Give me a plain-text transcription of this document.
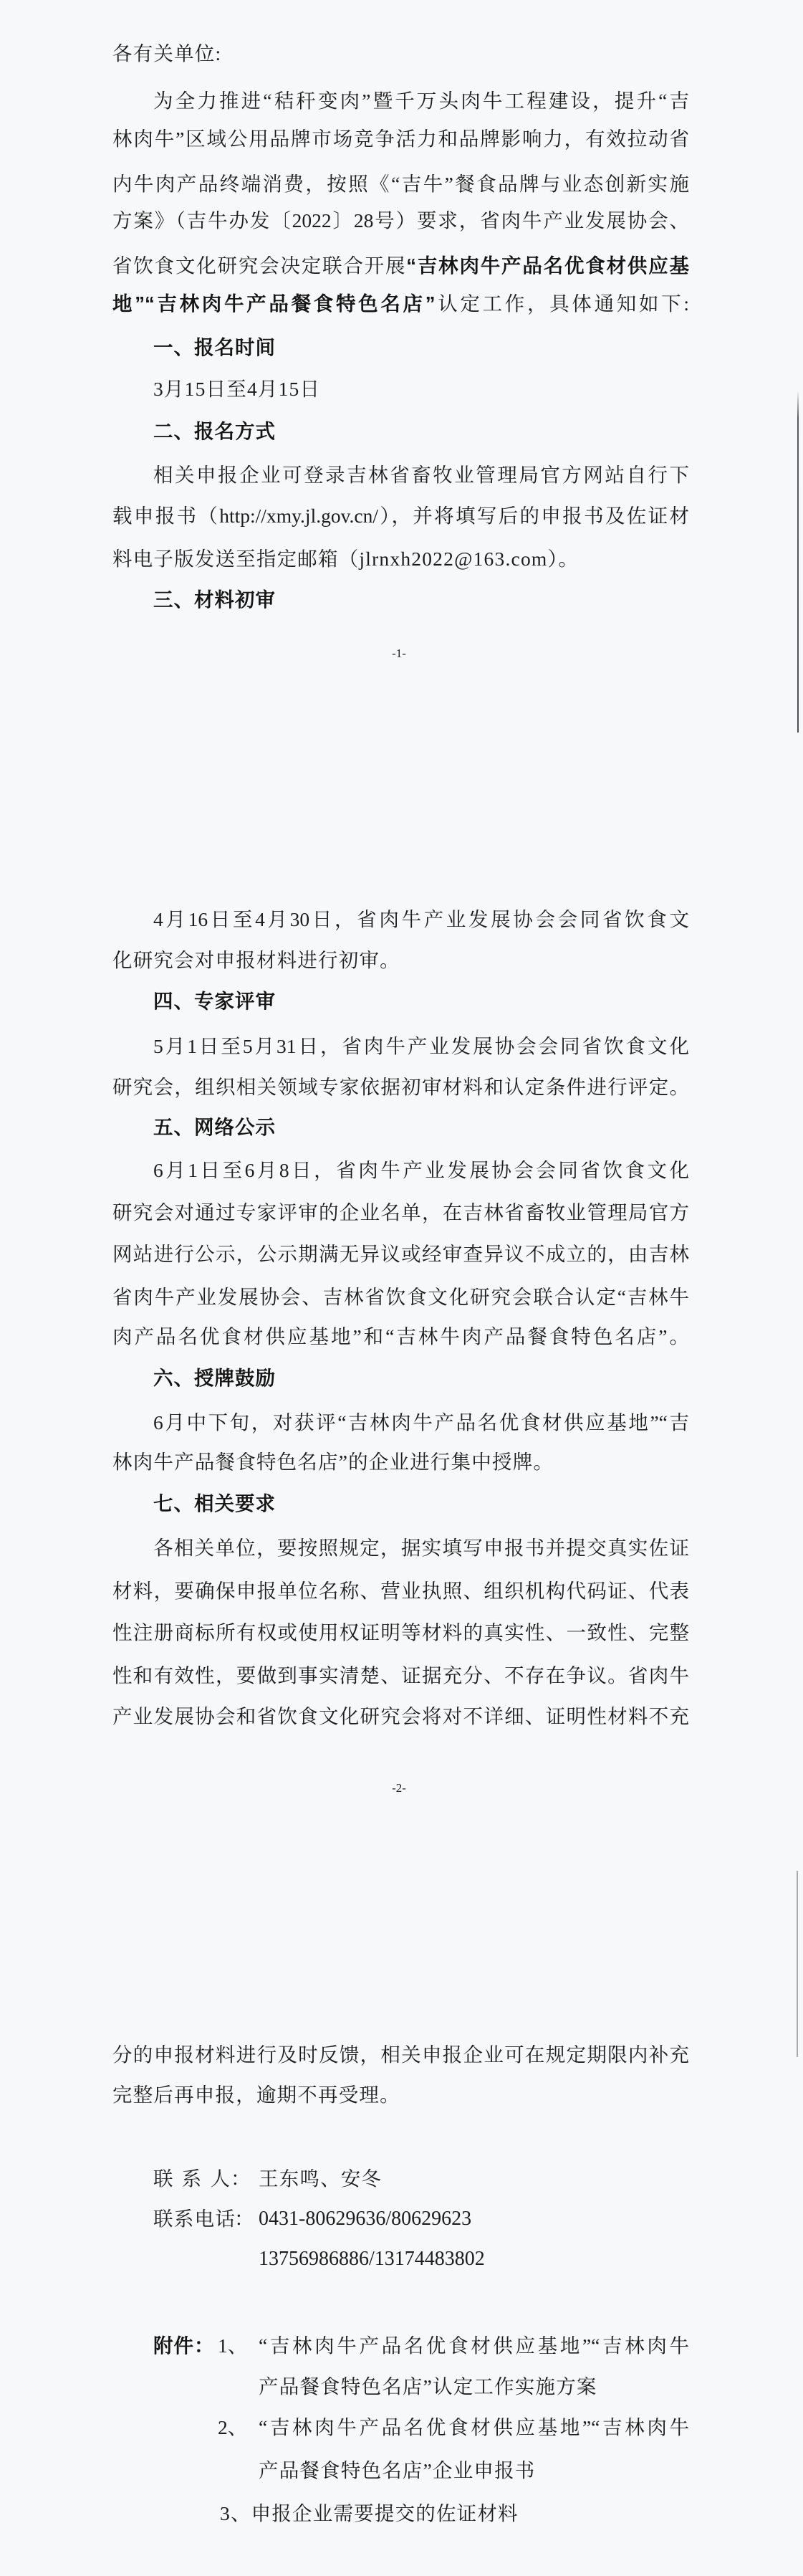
各有关单位:
为全力推进“秸秆变肉”暨千万头肉牛工程建设，提升“吉
林肉牛”区域公用品牌市场竞争活力和品牌影响力，有效拉动省
内牛肉产品终端消费，按照《“吉牛”餐食品牌与业态创新实施
方案》（吉牛办发〔2022〕28号）要求，省肉牛产业发展协会、
省饮食文化研究会决定联合开展“吉林肉牛产品名优食材供应基
地”“吉林肉牛产品餐食特色名店”认定工作，具体通知如下:
一、报名时间
3月15日至4月15日
二、报名方式
相关申报企业可登录吉林省畜牧业管理局官方网站自行下
载申报书（http://xmy.jl.gov.cn/），并将填写后的申报书及佐证材
料电子版发送至指定邮箱（jlrnxh2022@163.com）。
三、材料初审
-1-
4月16日至4月30日，省肉牛产业发展协会会同省饮食文
化研究会对申报材料进行初审。
四、专家评审
5月1日至5月31日，省肉牛产业发展协会会同省饮食文化
研究会，组织相关领域专家依据初审材料和认定条件进行评定。
五、网络公示
6月1日至6月8日，省肉牛产业发展协会会同省饮食文化
研究会对通过专家评审的企业名单，在吉林省畜牧业管理局官方
网站进行公示，公示期满无异议或经审查异议不成立的，由吉林
省肉牛产业发展协会、吉林省饮食文化研究会联合认定“吉林牛
肉产品名优食材供应基地”和“吉林牛肉产品餐食特色名店”。
六、授牌鼓励
6月中下旬，对获评“吉林肉牛产品名优食材供应基地”“吉
林肉牛产品餐食特色名店”的企业进行集中授牌。
七、相关要求
各相关单位，要按照规定，据实填写申报书并提交真实佐证
材料，要确保申报单位名称、营业执照、组织机构代码证、代表
性注册商标所有权或使用权证明等材料的真实性、一致性、完整
性和有效性，要做到事实清楚、证据充分、不存在争议。省肉牛
产业发展协会和省饮食文化研究会将对不详细、证明性材料不充
-2-
分的申报材料进行及时反馈，相关申报企业可在规定期限内补充
完整后再申报，逾期不再受理。
联系人 ： 王东鸣、安冬
联系电话 ： 0431-80629636/80629623
13756986886/13174483802
附件： 1、 “吉林肉牛产品名优食材供应基地”“吉林肉牛
产品餐食特色名店”认定工作实施方案
2、 “吉林肉牛产品名优食材供应基地”“吉林肉牛
产品餐食特色名店”企业申报书
3、申报企业需要提交的佐证材料
